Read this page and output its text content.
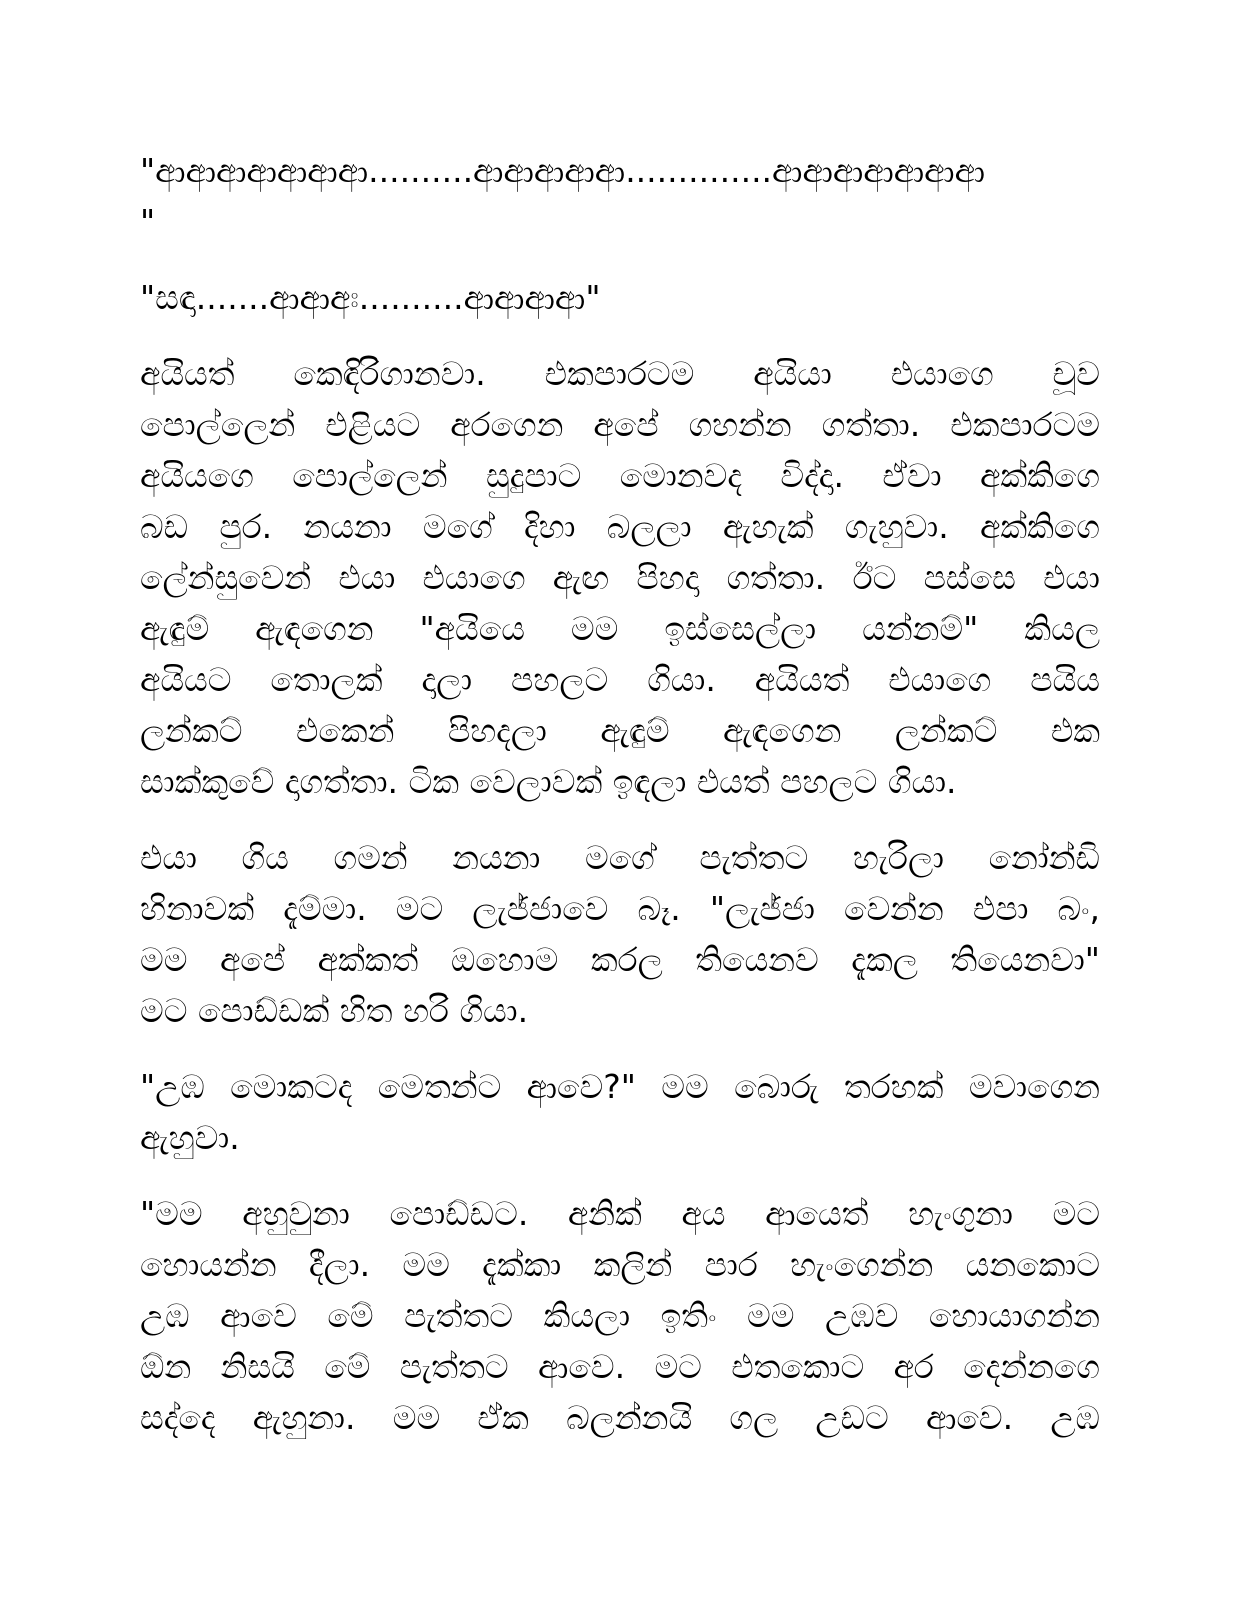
"ආආආආආආආ..........ආආආආආ..............ආආආආආආආ
"
"සඳා.......ආආඅඃ..........ආආආආ"
අයියත් කෙඳිරිගානවා. එකපාරටම අයියා එයාගෙ චූව
පොල්ලෙන් එළියට අරගෙන අපේ ගහන්න ගත්තා. එකපාරටම
අයියගෙ පොල්ලෙන් සුදුපාට මොනවද විද්දා. ඒවා අක්කිගෙ
බඩ පුර. නයනා මගේ දිහා බලලා ඇහැක් ගැහුවා. අක්කිගෙ
ලේන්සුවෙන් එයා එයාගෙ ඇඟ පිහදා ගත්තා. ඊට පස්සෙ එයා
ඇඳුම් ඇඳගෙන "අයියෙ මම ඉස්සෙල්ලා යන්නම්" කියල
අයියට තොලක් දාලා පහලට ගියා. අයියත් එයාගෙ පයිය
ලන්කට් එකෙන් පිහදලා ඇඳුම් ඇඳගෙන ලන්කට් එක
සාක්කුවේ දාගත්තා. ටික වෙලාවක් ඉඳලා එයත් පහලට ගියා.
එයා ගිය ගමන් නයනා මගේ පැත්තට හැරිලා නෝන්ඩි
හිනාවක් දැම්මා. මට ලැජ්ජාවෙ බෑ. "ලැජ්ජා වෙන්න එපා බං,
මම අපේ අක්කත් ඔහොම කරල තියෙනව දැකල තියෙනවා"
මට පොඩ්ඩක් හිත හරි ගියා.
"උඹ මොකටද මෙතන්ට ආවෙ?" මම බොරු තරහක් මවාගෙන
ඇහුවා.
"මම අහුවුනා පොඩ්ඩට. අනික් අය ආයෙත් හැංගුනා මට
හොයන්න දීලා. මම දැක්කා කලින් පාර හැංගෙන්න යනකොට
උඹ ආවෙ මේ පැත්තට කියලා ඉතිං මම උඹව හොයාගන්න
ඕන නිසයි මේ පැත්තට ආවෙ. මට එතකොට අර දෙන්නගෙ
සද්දෙ ඇහුනා. මම ඒක බලන්නයි ගල උඩට ආවෙ. උඹ
